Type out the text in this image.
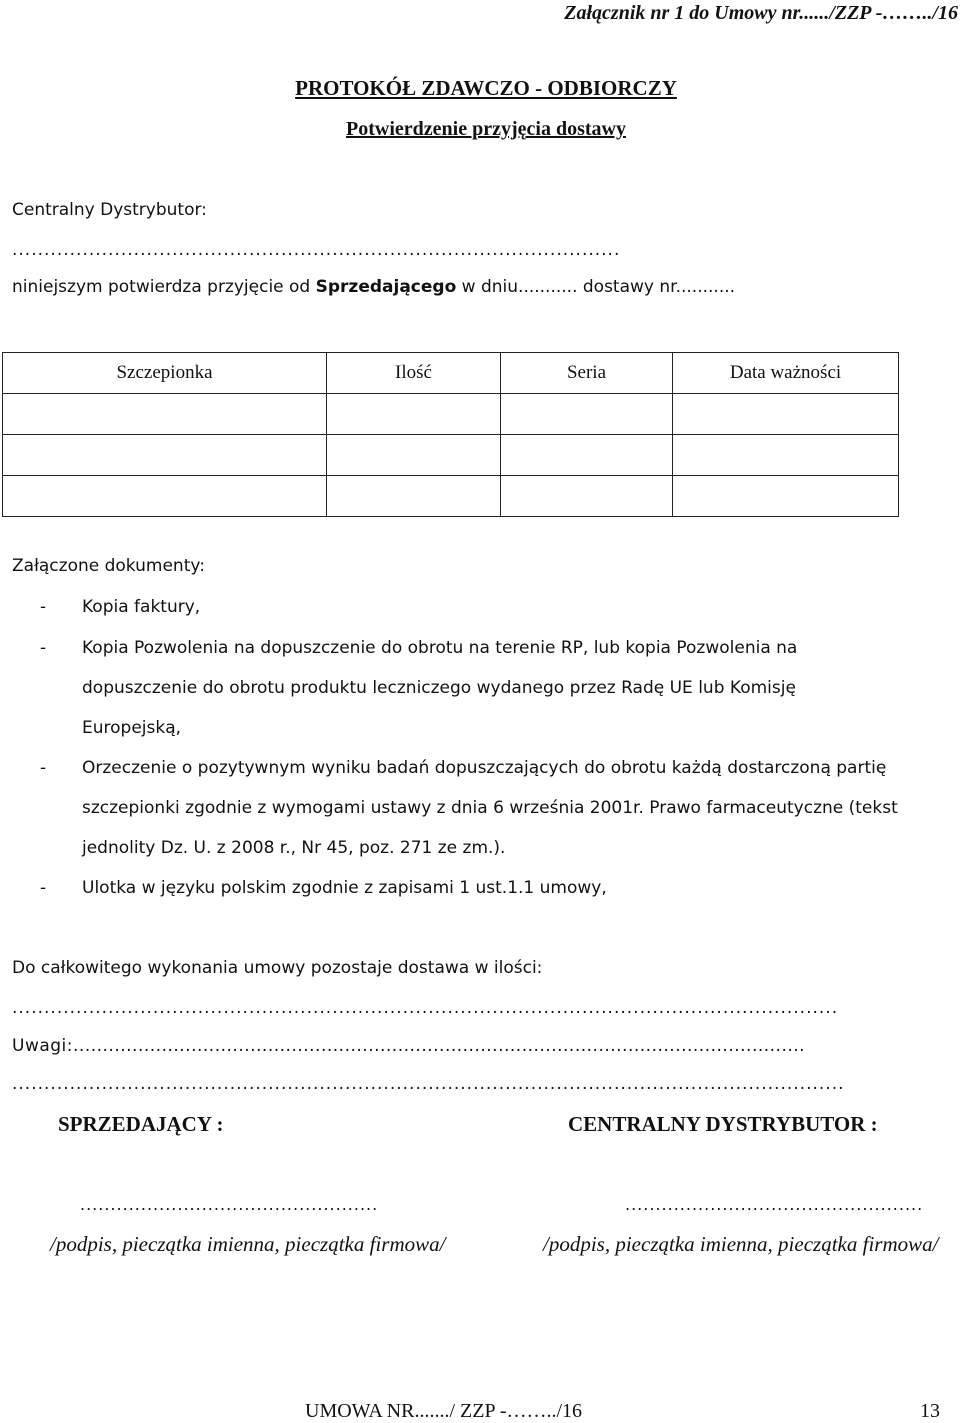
Załącznik nr 1 do Umowy nr....../ZZP -……../16
PROTOKÓŁ ZDAWCZO - ODBIORCZY
Potwierdzenie przyjęcia dostawy
Centralny Dystrybutor:
...............................................................................................
niniejszym potwierdza przyjęcie od Sprzedającego w dniu........... dostawy nr...........
Szczepionka	Ilość	Seria	Data ważności

Załączone dokumenty:
- Kopia faktury,
- Kopia Pozwolenia na dopuszczenie do obrotu na terenie RP, lub kopia Pozwolenia na
dopuszczenie do obrotu produktu leczniczego wydanego przez Radę UE lub Komisję
Europejską,
- Orzeczenie o pozytywnym wyniku badań dopuszczających do obrotu każdą dostarczoną partię
szczepionki zgodnie z wymogami ustawy z dnia 6 września 2001r. Prawo farmaceutyczne (tekst
jednolity Dz. U. z 2008 r., Nr 45, poz. 271 ze zm.).
- Ulotka w języku polskim zgodnie z zapisami 1 ust.1.1 umowy,
Do całkowitego wykonania umowy pozostaje dostawa w ilości:
.................................................................................................................................
Uwagi:............................................................................................................................
..................................................................................................................................
SPRZEDAJĄCY :	CENTRALNY DYSTRYBUTOR :
.................................................	.................................................
/podpis, pieczątka imienna, pieczątka firmowa/	/podpis, pieczątka imienna, pieczątka firmowa/
UMOWA NR......./ ZZP -……../16	13
